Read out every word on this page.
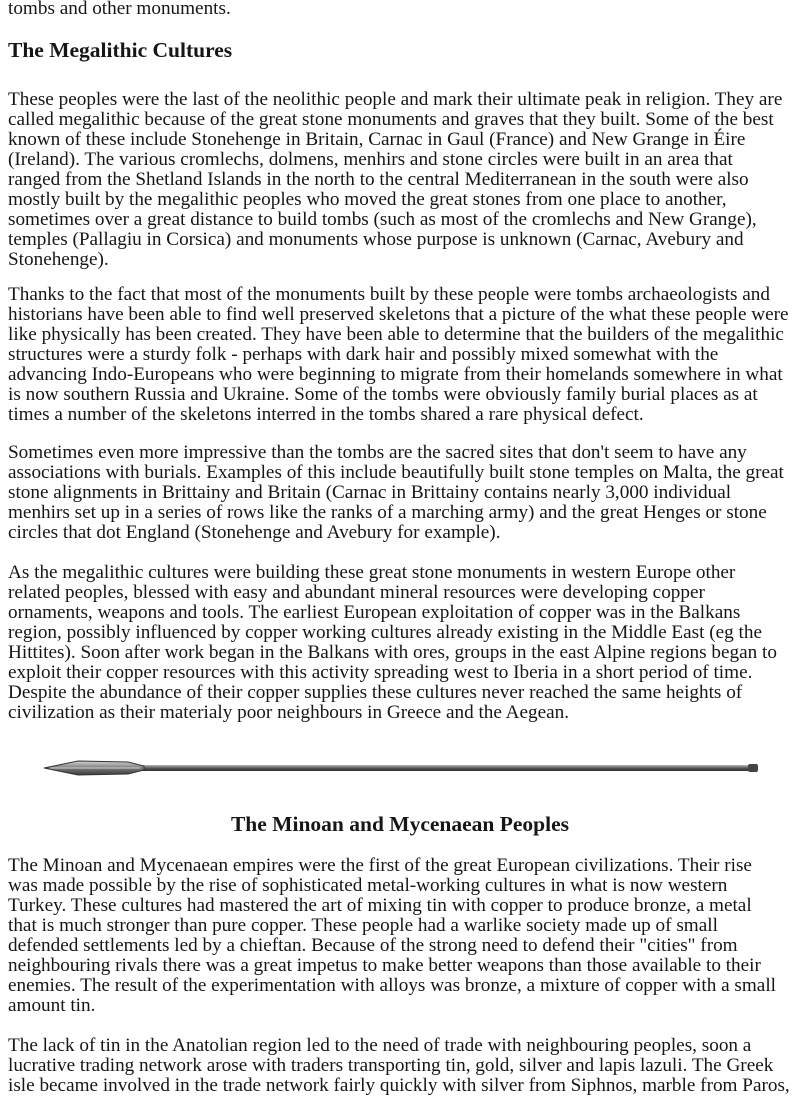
tombs and other monuments.
The Megalithic Cultures
These peoples were the last of the neolithic people and mark their ultimate peak in religion. They are
called megalithic because of the great stone monuments and graves that they built. Some of the best
known of these include Stonehenge in Britain, Carnac in Gaul (France) and New Grange in Éire
(Ireland). The various cromlechs, dolmens, menhirs and stone circles were built in an area that
ranged from the Shetland Islands in the north to the central Mediterranean in the south were also
mostly built by the megalithic peoples who moved the great stones from one place to another,
sometimes over a great distance to build tombs (such as most of the cromlechs and New Grange),
temples (Pallagiu in Corsica) and monuments whose purpose is unknown (Carnac, Avebury and
Stonehenge).
Thanks to the fact that most of the monuments built by these people were tombs archaeologists and
historians have been able to find well preserved skeletons that a picture of the what these people were
like physically has been created. They have been able to determine that the builders of the megalithic
structures were a sturdy folk - perhaps with dark hair and possibly mixed somewhat with the
advancing Indo-Europeans who were beginning to migrate from their homelands somewhere in what
is now southern Russia and Ukraine. Some of the tombs were obviously family burial places as at
times a number of the skeletons interred in the tombs shared a rare physical defect.
Sometimes even more impressive than the tombs are the sacred sites that don't seem to have any
associations with burials. Examples of this include beautifully built stone temples on Malta, the great
stone alignments in Brittainy and Britain (Carnac in Brittainy contains nearly 3,000 individual
menhirs set up in a series of rows like the ranks of a marching army) and the great Henges or stone
circles that dot England (Stonehenge and Avebury for example).
As the megalithic cultures were building these great stone monuments in western Europe other
related peoples, blessed with easy and abundant mineral resources were developing copper
ornaments, weapons and tools. The earliest European exploitation of copper was in the Balkans
region, possibly influenced by copper working cultures already existing in the Middle East (eg the
Hittites). Soon after work began in the Balkans with ores, groups in the east Alpine regions began to
exploit their copper resources with this activity spreading west to Iberia in a short period of time.
Despite the abundance of their copper supplies these cultures never reached the same heights of
civilization as their materialy poor neighbours in Greece and the Aegean.
The Minoan and Mycenaean Peoples
The Minoan and Mycenaean empires were the first of the great European civilizations. Their rise
was made possible by the rise of sophisticated metal-working cultures in what is now western
Turkey. These cultures had mastered the art of mixing tin with copper to produce bronze, a metal
that is much stronger than pure copper. These people had a warlike society made up of small
defended settlements led by a chieftan. Because of the strong need to defend their "cities" from
neighbouring rivals there was a great impetus to make better weapons than those available to their
enemies. The result of the experimentation with alloys was bronze, a mixture of copper with a small
amount tin.
The lack of tin in the Anatolian region led to the need of trade with neighbouring peoples, soon a
lucrative trading network arose with traders transporting tin, gold, silver and lapis lazuli. The Greek
isle became involved in the trade network fairly quickly with silver from Siphnos, marble from Paros,
